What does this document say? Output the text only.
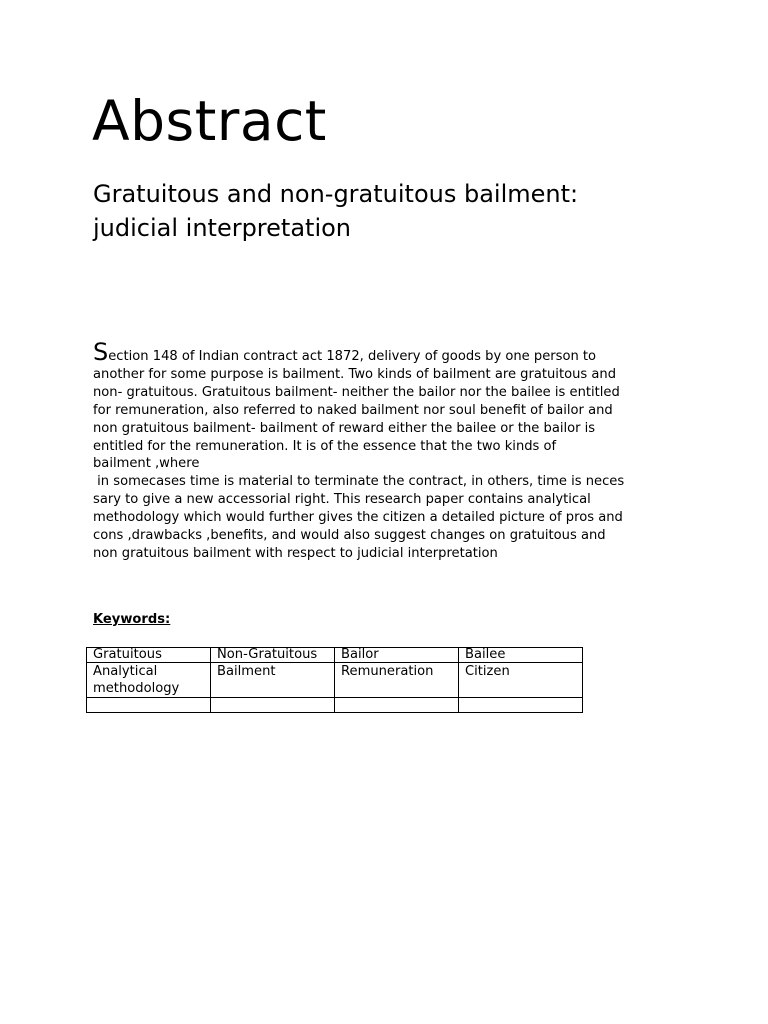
Abstract
Gratuitous and non-gratuitous bailment:
judicial interpretation

Section 148 of Indian contract act 1872, delivery of goods by one person to
another for some purpose is bailment. Two kinds of bailment are gratuitous and
non- gratuitous. Gratuitous bailment- neither the bailor nor the bailee is entitled
for remuneration, also referred to naked bailment nor soul benefit of bailor and
non gratuitous bailment- bailment of reward either the bailee or the bailor is
entitled for the remuneration. It is of the essence that the two kinds of
bailment ,where
in somecases time is material to terminate the contract, in others, time is neces
sary to give a new accessorial right. This research paper contains analytical
methodology which would further gives the citizen a detailed picture of pros and
cons ,drawbacks ,benefits, and would also suggest changes on gratuitous and
non gratuitous bailment with respect to judicial interpretation

Keywords:

Gratuitous	Non-Gratuitous	Bailor	Bailee
Analytical methodology	Bailment	Remuneration	Citizen
